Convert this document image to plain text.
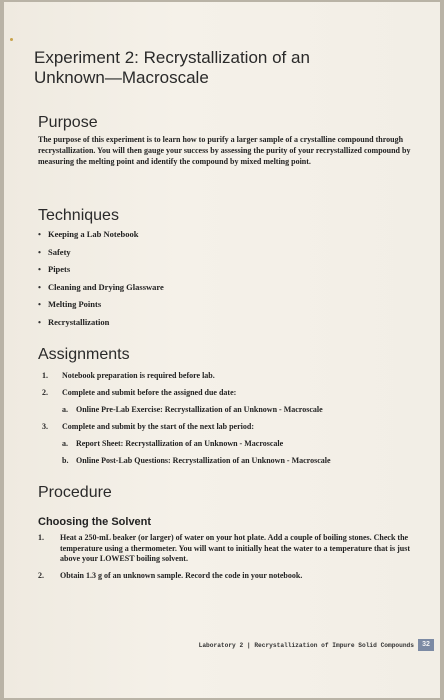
Experiment 2: Recrystallization of an Unknown—Macroscale
Purpose

The purpose of this experiment is to learn how to purify a larger sample of a crystalline compound through recrystallization. You will then gauge your success by assessing the purity of your recrystallized compound by measuring the melting point and identify the compound by mixed melting point.

Techniques
• Keeping a Lab Notebook
• Safety
• Pipets
• Cleaning and Drying Glassware
• Melting Points
• Recrystallization
Assignments
1. Notebook preparation is required before lab.
2. Complete and submit before the assigned due date:
a. Online Pre-Lab Exercise: Recrystallization of an Unknown - Macroscale
3. Complete and submit by the start of the next lab period:
a. Report Sheet: Recrystallization of an Unknown - Macroscale
b. Online Post-Lab Questions: Recrystallization of an Unknown - Macroscale
Procedure
Choosing the Solvent
1.	Heat a 250-mL beaker (or larger) of water on your hot plate. Add a couple of boiling stones. Check the temperature using a thermometer. You will want to initially heat the water to a temperature that is just above your LOWEST boiling solvent.
2.	Obtain 1.3 g of an unknown sample. Record the code in your notebook.
Laboratory 2 | Recrystallization of Impure Solid Compounds	32
